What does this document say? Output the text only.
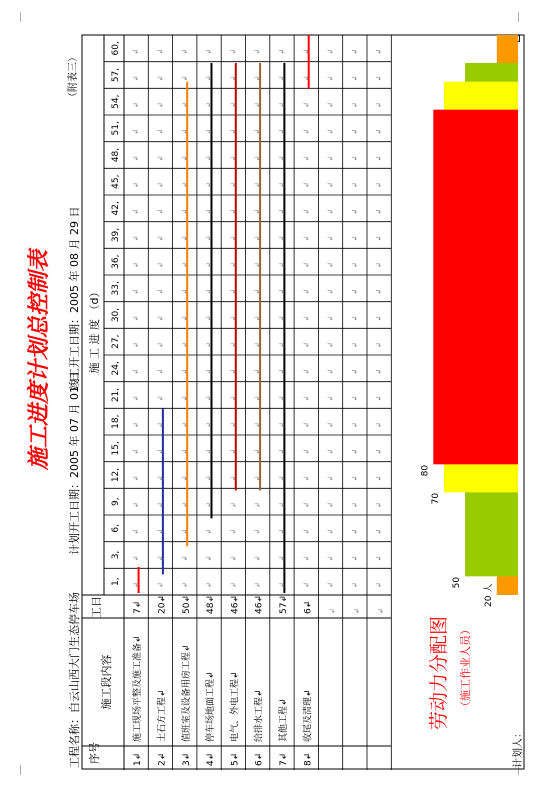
施工进度计划总控制表
工程名称：白云山西大门生态停车场
计划开工日期：2005 年 07 月 01 日
竣工开工日期：2005 年 08 月 29 日
（附表三）
序号
施工段内容
工日
施 工 进 度 （d）
1,
3,
6,
9,
12,
15,
18,
21,
24,
27,
30,
33,
36,
39,
42,
45,
48,
51,
54,
57,
60,
1↲
施工现场平整及施工准备↲
7↲
↲
↲
↲
↲
↲
↲
↲
↲
↲
↲
↲
↲
↲
↲
↲
↲
↲
↲
↲
↲
↲
2↲
土石方工程↲
20↲
↲
↲
↲
↲
↲
↲
↲
↲
↲
↲
↲
↲
↲
↲
↲
↲
↲
↲
↲
↲
↲
3↲
值班室及设备用房工程↲
50↲
↲
↲
↲
↲
↲
↲
↲
↲
↲
↲
↲
↲
↲
↲
↲
↲
↲
↲
↲
↲
↲
4↲
停车场地面工程↲
48↲
↲
↲
↲
↲
↲
↲
↲
↲
↲
↲
↲
↲
↲
↲
↲
↲
↲
↲
↲
↲
↲
5↲
电气、外电工程↲
46↲
↲
↲
↲
↲
↲
↲
↲
↲
↲
↲
↲
↲
↲
↲
↲
↲
↲
↲
↲
↲
↲
6↲
给排水工程↲
46↲
↲
↲
↲
↲
↲
↲
↲
↲
↲
↲
↲
↲
↲
↲
↲
↲
↲
↲
↲
↲
↲
7↲
其他工程↲
57↲
↲
↲
↲
↲
↲
↲
↲
↲
↲
↲
↲
↲
↲
↲
↲
↲
↲
↲
↲
↲
↲
8↲
收尾及清理↲
6↲
↲
↲
↲
↲
↲
↲
↲
↲
↲
↲
↲
↲
↲
↲
↲
↲
↲
↲
↲
↲
↲
↲
↲
↲
↲
↲
↲
↲
↲
↲
↲
↲
↲
↲
↲
↲
↲
↲
↲
↲
↲
↲
↲
↲
↲
↲
↲
↲
↲
↲
↲
↲
↲
↲
↲
↲
↲
↲
↲
↲
↲
↲
↲
↲
↲
↲
↲
↲
↲
↲
↲
↲
↲
↲
↲
↲
↲
↲
↲
↲
↲
↲
↲
↲
↲
↲
↲
20 人
50
70
80
劳动力分配图 （施工作业人员）
计划人：
